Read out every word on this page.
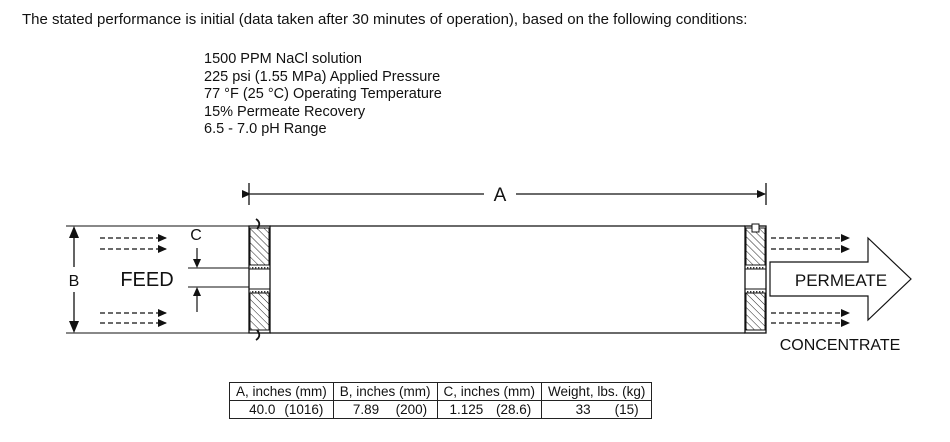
The stated performance is initial (data taken after 30 minutes of operation), based on the following conditions:
1500 PPM NaCl solution
225 psi (1.55 MPa) Applied Pressure
77 °F (25 °C) Operating Temperature
15% Permeate Recovery
6.5 - 7.0 pH Range
A
B
C
FEED	PERMEATE
CONCENTRATE
A, inches (mm)	B, inches (mm)	C, inches (mm)	Weight, lbs. (kg)
40.0 (1016)	7.89 (200)	1.125 (28.6)	33 (15)
